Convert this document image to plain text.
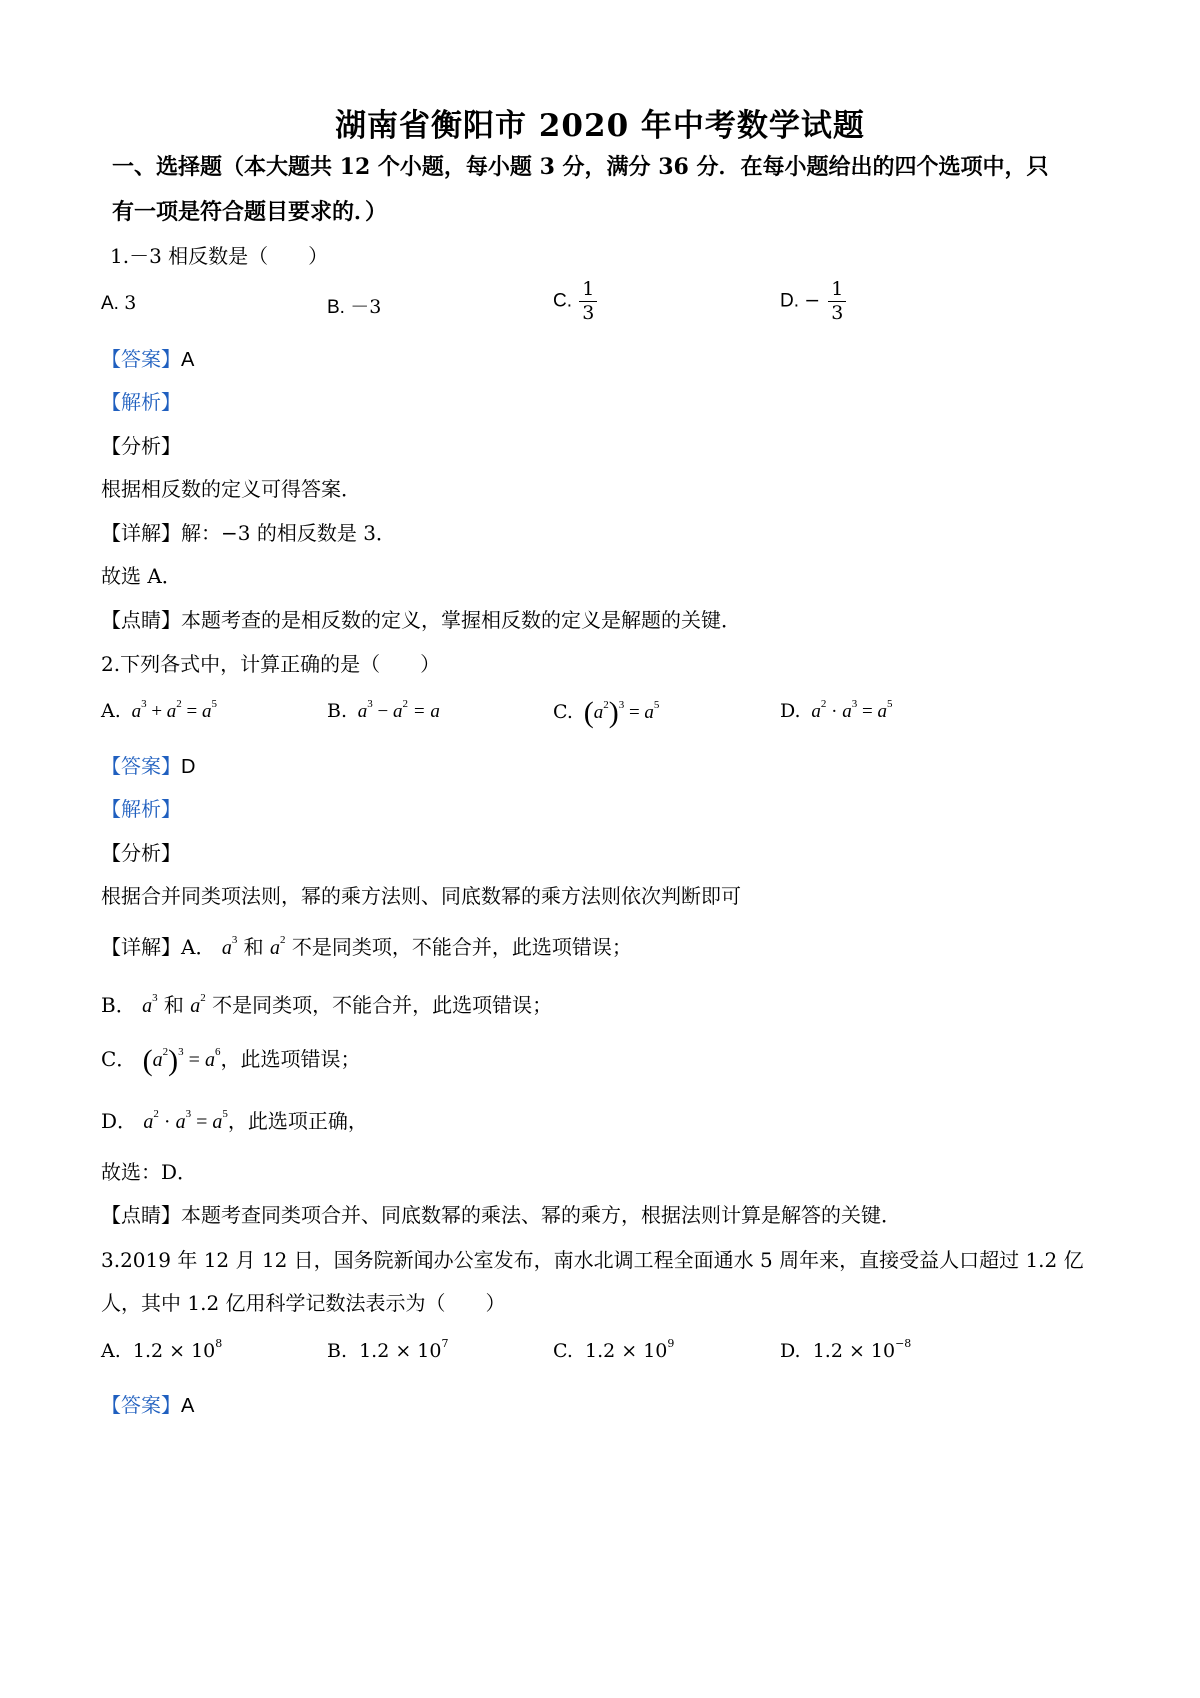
湖南省衡阳市 2020 年中考数学试题
一、选择题（本大题共 12 个小题，每小题 3 分，满分 36 分．在每小题给出的四个选项中，只
有一项是符合题目要求的．）
1.－3 相反数是（　　）
A. 3	B. －3	C. $\frac{1}{3}$	D. − $\frac{1}{3}$
【答案】A
【解析】
【分析】
根据相反数的定义可得答案．
【详解】解：−3 的相反数是 3．
故选 A．
【点睛】本题考查的是相反数的定义，掌握相反数的定义是解题的关键．
2.下列各式中，计算正确的是（　　）
A.  $a^3 + a^2 = a^5$	B.  $a^3 - a^2 = a$	C.  $(a^2)^3 = a^5$	D.  $a^2 \cdot a^3 = a^5$
【答案】D
【解析】
【分析】
根据合并同类项法则，幂的乘方法则、同底数幂的乘方法则依次判断即可
【详解】A． $a^3$ 和 $a^2$ 不是同类项，不能合并，此选项错误；
B． $a^3$ 和 $a^2$ 不是同类项，不能合并，此选项错误；
C． $(a^2)^3 = a^6$，此选项错误；
D． $a^2 \cdot a^3 = a^5$，此选项正确，
故选：D．
【点睛】本题考查同类项合并、同底数幂的乘法、幂的乘方，根据法则计算是解答的关键．
3.2019 年 12 月 12 日，国务院新闻办公室发布，南水北调工程全面通水 5 周年来，直接受益人口超过 1.2 亿
人，其中 1.2 亿用科学记数法表示为（　　）
A.  $1.2 \times 10^8$	B.  $1.2 \times 10^7$	C.  $1.2 \times 10^9$	D.  $1.2 \times 10^{-8}$
【答案】A
